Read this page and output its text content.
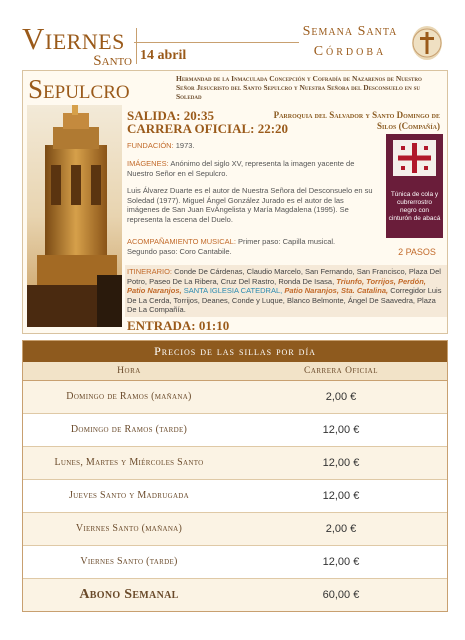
Viernes
Santo 14 abril
Semana Santa
Córdoba
Sepulcro	Hermandad de la Inmaculada Concepción y Cofradía de Nazarenos de Nuestro Señor Jesucristo del Santo Sepulcro y Nuestra Señora del Desconsuelo en su Soledad
SALIDA: 20:35
CARRERA OFICIAL: 22:20
Parroquia del Salvador y Santo Domingo de Silos (Compañía)
FUNDACIÓN: 1973.
IMÁGENES: Anónimo del siglo XV, representa la imagen yacente de Nuestro Señor en el Sepulcro.
Luis Álvarez Duarte es el autor de Nuestra Señora del Desconsuelo en su Soledad (1977). Miguel Ángel González Jurado es el autor de las imágenes de San Juan EvÁngelista y María Magdalena (1995). Se representa la escena del Duelo.
ACOMPAÑAMIENTO MUSICAL: Primer paso: Capilla musical.
Segundo paso: Coro Cantabile.
Túnica de cola y cubrerrostro negro con cinturón de abacá
2 PASOS
ITINERARIO: Conde De Cárdenas, Claudio Marcelo, San Fernando, San Francisco, Plaza Del Potro, Paseo De La Ribera, Cruz Del Rastro, Ronda De Isasa, Triunfo, Torrijos, Perdón, Patio Naranjos, SANTA IGLESIA CATEDRAL, Patio Naranjos, Sta. Catalina, Corregidor Luis De La Cerda, Torrijos, Deanes, Conde y Luque, Blanco Belmonte, Ángel De Saavedra, Plaza De La Compañía.
ENTRADA: 01:10
Precios de las sillas por día
Hora	Carrera Oficial
Domingo de Ramos (mañana)	2,00 €
Domingo de Ramos (tarde)	12,00 €
Lunes, Martes y Miércoles Santo	12,00 €
Jueves Santo y Madrugada	12,00 €
Viernes Santo (mañana)	2,00 €
Viernes Santo (tarde)	12,00 €
Abono Semanal	60,00 €
